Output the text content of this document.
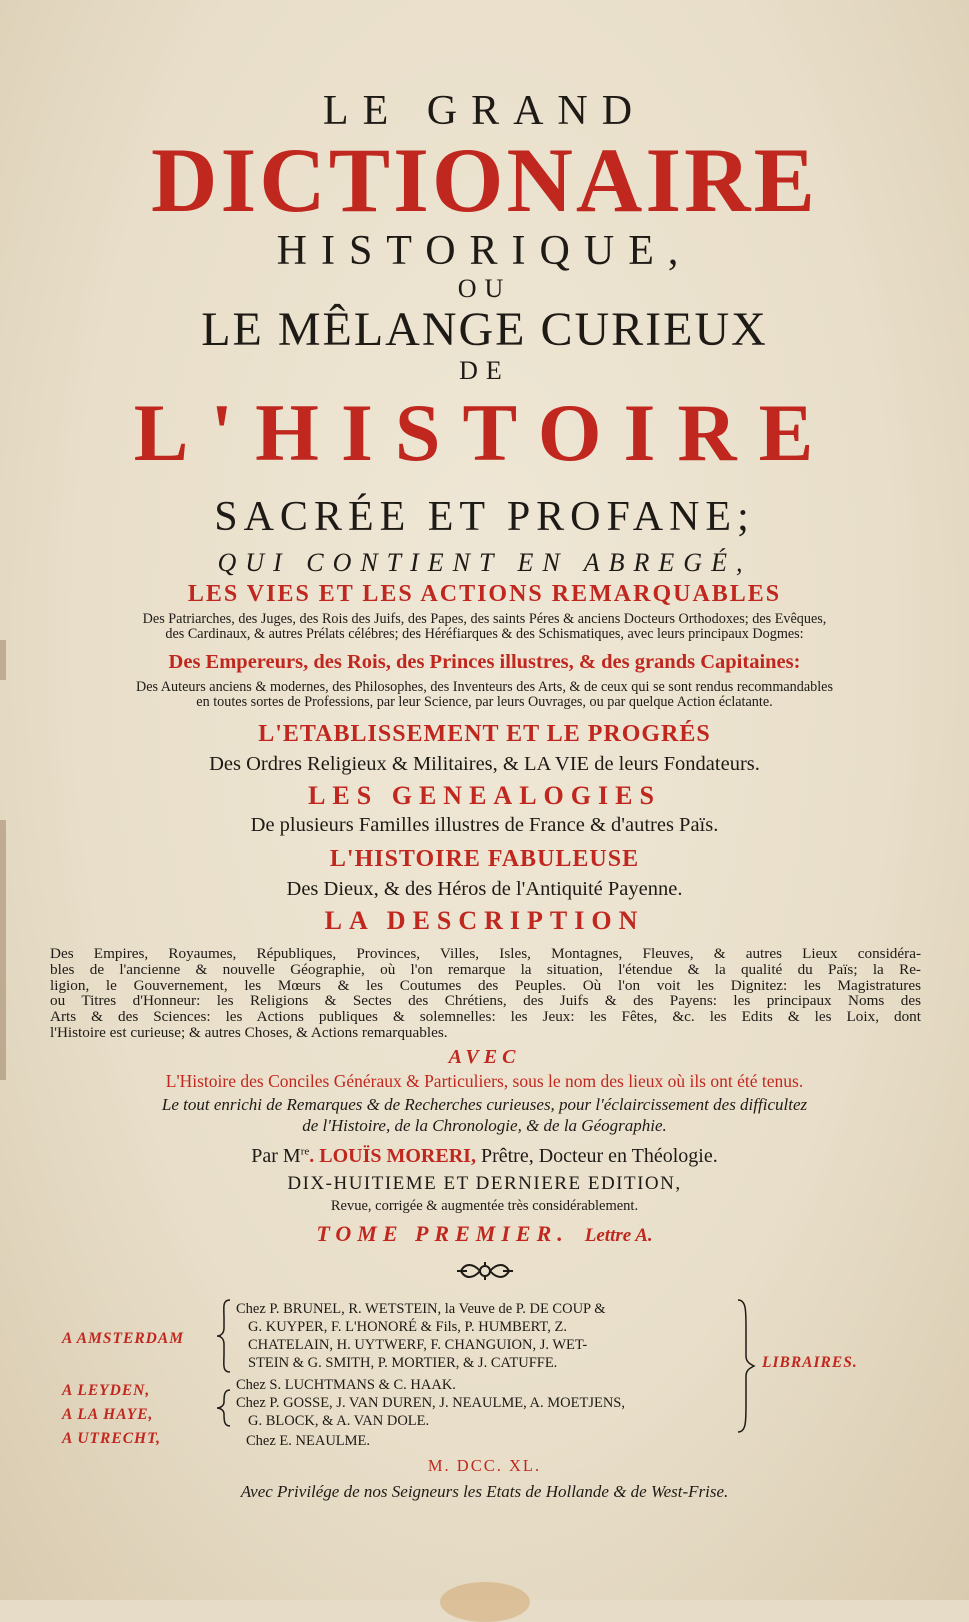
LE GRAND

DICTIONAIRE

HISTORIQUE,

OU

LE MÊLANGE CURIEUX

DE

L'HISTOIRE

SACRÉE ET PROFANE;

QUI CONTIENT EN ABREGÉ,

LES VIES ET LES ACTIONS REMARQUABLES

Des Patriarches, des Juges, des Rois des Juifs, des Papes, des saints Péres & anciens Docteurs Orthodoxes; des Evêques,

des Cardinaux, & autres Prélats célébres; des Héréfiarques & des Schismatiques, avec leurs principaux Dogmes:

Des Empereurs, des Rois, des Princes illustres, & des grands Capitaines:

Des Auteurs anciens & modernes, des Philosophes, des Inventeurs des Arts, & de ceux qui se sont rendus recommandables

en toutes sortes de Professions, par leur Science, par leurs Ouvrages, ou par quelque Action éclatante.

L'ETABLISSEMENT ET LE PROGRÉS

Des Ordres Religieux & Militaires, & LA VIE de leurs Fondateurs.

LES GENEALOGIES

De plusieurs Familles illustres de France & d'autres Païs.

L'HISTOIRE FABULEUSE

Des Dieux, & des Héros de l'Antiquité Payenne.

LA DESCRIPTION

Des Empires, Royaumes, Républiques, Provinces, Villes, Isles, Montagnes, Fleuves, & autres Lieux considéra-
bles de l'ancienne & nouvelle Géographie, où l'on remarque la situation, l'étendue & la qualité du Païs; la Re-
ligion, le Gouvernement, les Mœurs & les Coutumes des Peuples. Où l'on voit les Dignitez: les Magistratures
ou Titres d'Honneur: les Religions & Sectes des Chrétiens, des Juifs & des Payens: les principaux Noms des
Arts & des Sciences: les Actions publiques & solemnelles: les Jeux: les Fêtes, &c. les Edits & les Loix, dont
l'Histoire est curieuse; & autres Choses, & Actions remarquables.

AVEC

L'Histoire des Conciles Généraux & Particuliers, sous le nom des lieux où ils ont été tenus.

Le tout enrichi de Remarques & de Recherches curieuses, pour l'éclaircissement des difficultez

de l'Histoire, de la Chronologie, & de la Géographie.

Par Mre. LOUÏS MORERI, Prêtre, Docteur en Théologie.

DIX-HUITIEME ET DERNIERE EDITION,

Revue, corrigée & augmentée très considérablement.

TOME PREMIER. Lettre A.

A AMSTERDAM
A LEYDEN,
A LA HAYE,
A UTRECHT,
Chez P. BRUNEL, R. WETSTEIN, la Veuve de P. DE COUP &
G. KUYPER, F. L'HONORÉ & Fils, P. HUMBERT, Z.
CHATELAIN, H. UYTWERF, F. CHANGUION, J. WET-
STEIN & G. SMITH, P. MORTIER, & J. CATUFFE.
Chez S. LUCHTMANS & C. HAAK.
Chez P. GOSSE, J. VAN DUREN, J. NEAULME, A. MOETJENS,
G. BLOCK, & A. VAN DOLE.
Chez E. NEAULME.
LIBRAIRES.

M. DCC. XL.

Avec Privilége de nos Seigneurs les Etats de Hollande & de West-Frise.
